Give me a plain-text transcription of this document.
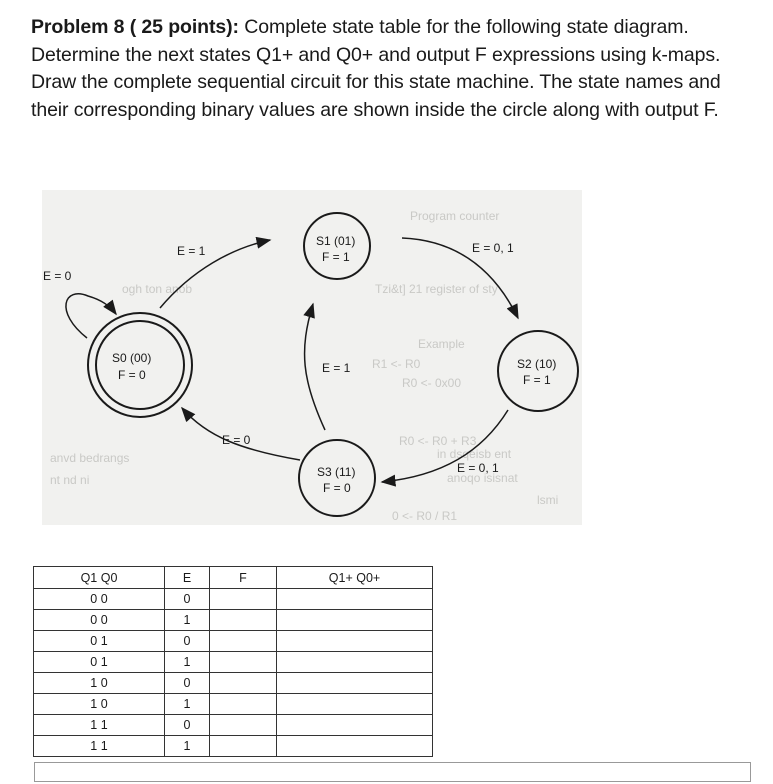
Problem 8 ( 25 points): Complete state table for the following state diagram. Determine the next states Q1+ and Q0+ and output F expressions using k-maps. Draw the complete sequential circuit for this state machine. The state names and their corresponding binary values are shown inside the circle along with output F.
Program counter
Tzi&t] 21 register of sty
Example
R1 <- R0
R0 <- 0x00
R0 <- R0 + R3
anvd bedrangs
nt nd ni
in dsqeisb ent
anoqo isisnat
lsmi
0 <- R0 / R1
ogh ton anob
S0 (00)
F = 0
S1 (01)
F = 1
S2 (10)
F = 1
S3 (11)
F = 0
E = 0
E = 1	E = 0, 1
E = 1
E = 0, 1
E = 0
Q1 Q0	E	F	Q1+ Q0+
0 0	0		
0 0	1		
0 1	0		
0 1	1		
1 0	0		
1 0	1		
1 1	0		
1 1	1		
